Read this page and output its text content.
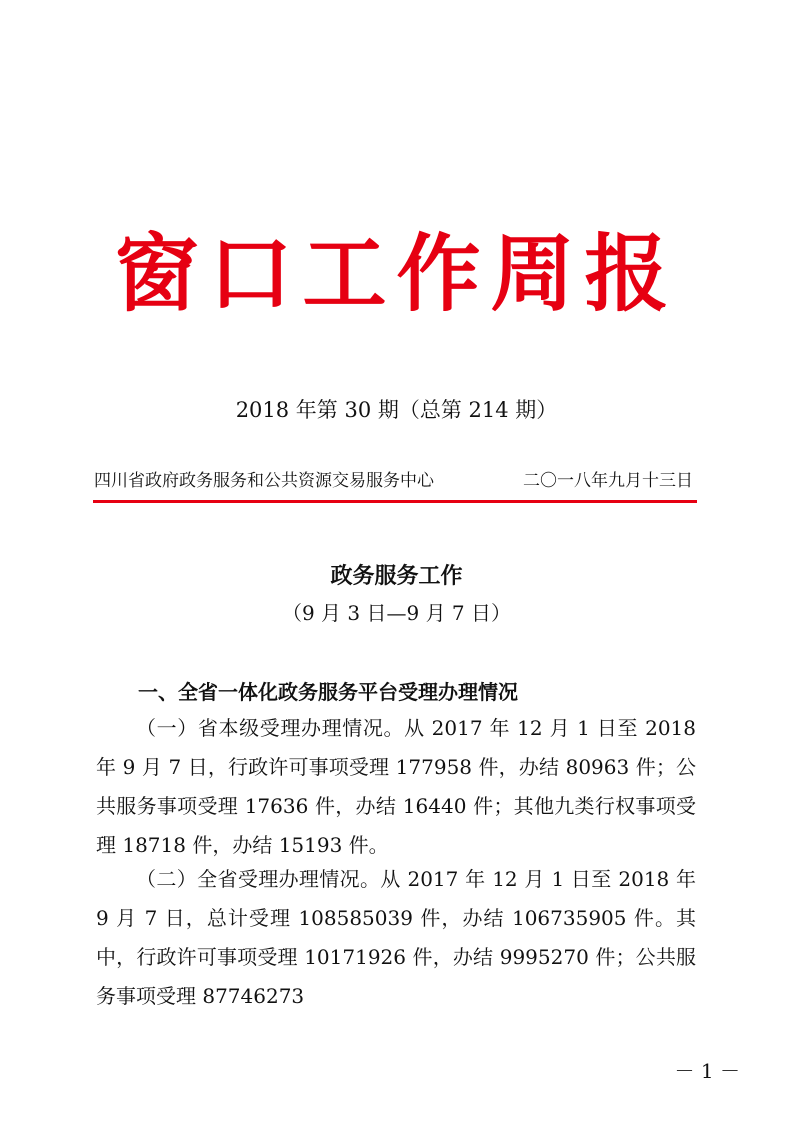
窗口工作周报
2018 年第 30 期（总第 214 期）
四川省政府政务服务和公共资源交易服务中心	二〇一八年九月十三日
政务服务工作
（9 月 3 日—9 月 7 日）
一、全省一体化政务服务平台受理办理情况
（一）省本级受理办理情况。从 2017 年 12 月 1 日至 2018 年 9 月 7 日，行政许可事项受理 177958 件，办结 80963 件；公共服务事项受理 17636 件，办结 16440 件；其他九类行权事项受理 18718 件，办结 15193 件。
（二）全省受理办理情况。从 2017 年 12 月 1 日至 2018 年 9 月 7 日，总计受理 108585039 件，办结 106735905 件。其中，行政许可事项受理 10171926 件，办结 9995270 件；公共服务事项受理 87746273
－ 1 －
